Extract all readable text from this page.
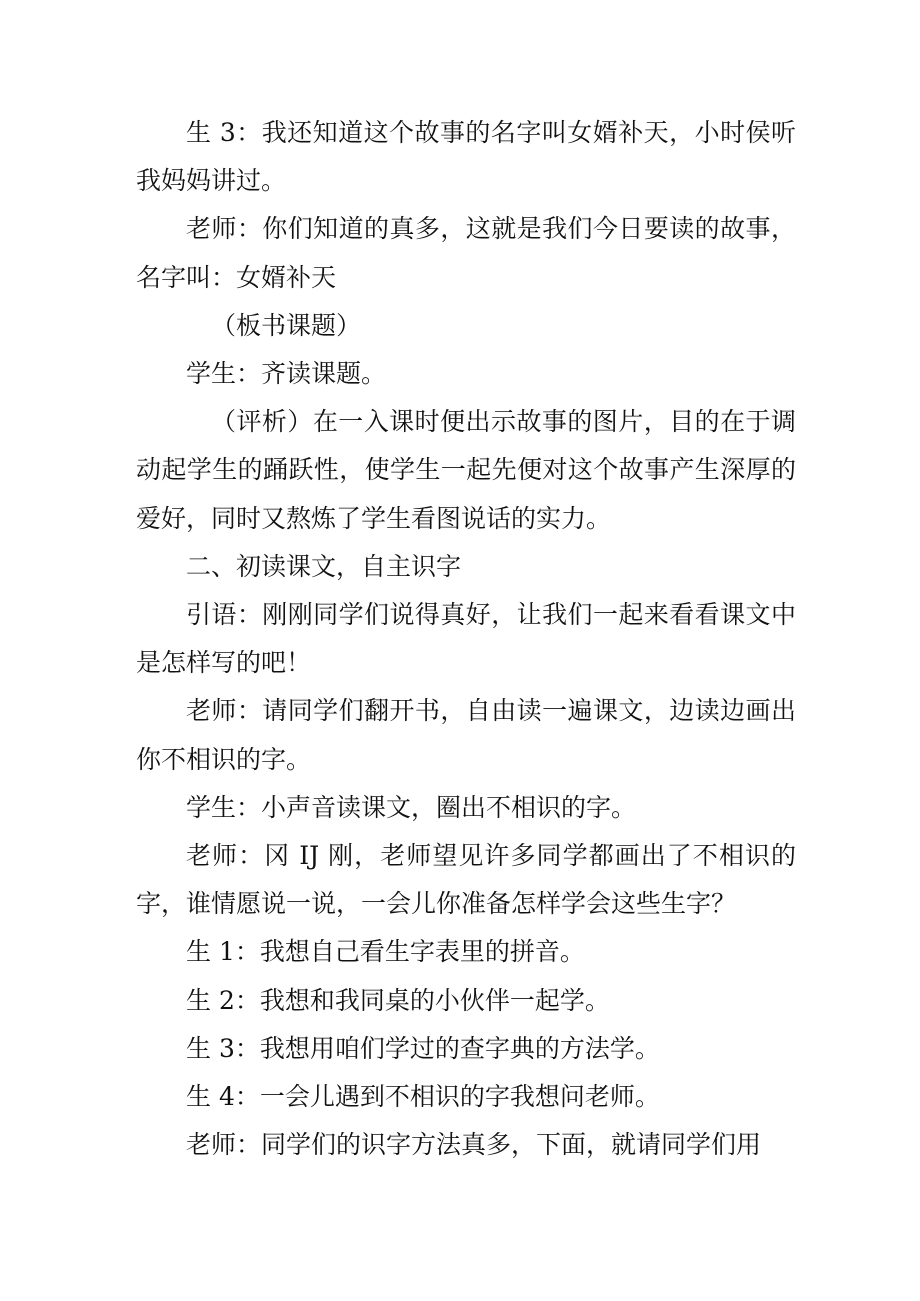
生 3：我还知道这个故事的名字叫女婿补天，小时侯听我妈妈讲过。

老师：你们知道的真多，这就是我们今日要读的故事，名字叫：女婿补天

（板书课题）

学生：齐读课题。

（评析）在一入课时便出示故事的图片，目的在于调动起学生的踊跃性，使学生一起先便对这个故事产生深厚的爱好，同时又熬炼了学生看图说话的实力。

二、初读课文，自主识字

引语：刚刚同学们说得真好，让我们一起来看看课文中是怎样写的吧！

老师：请同学们翻开书，自由读一遍课文，边读边画出你不相识的字。

学生：小声音读课文，圈出不相识的字。

老师：冈 IJ 刚，老师望见许多同学都画出了不相识的字，谁情愿说一说，一会儿你准备怎样学会这些生字？

生 1：我想自己看生字表里的拼音。

生 2：我想和我同桌的小伙伴一起学。

生 3：我想用咱们学过的查字典的方法学。

生 4：一会儿遇到不相识的字我想问老师。

老师：同学们的识字方法真多，下面，就请同学们用
